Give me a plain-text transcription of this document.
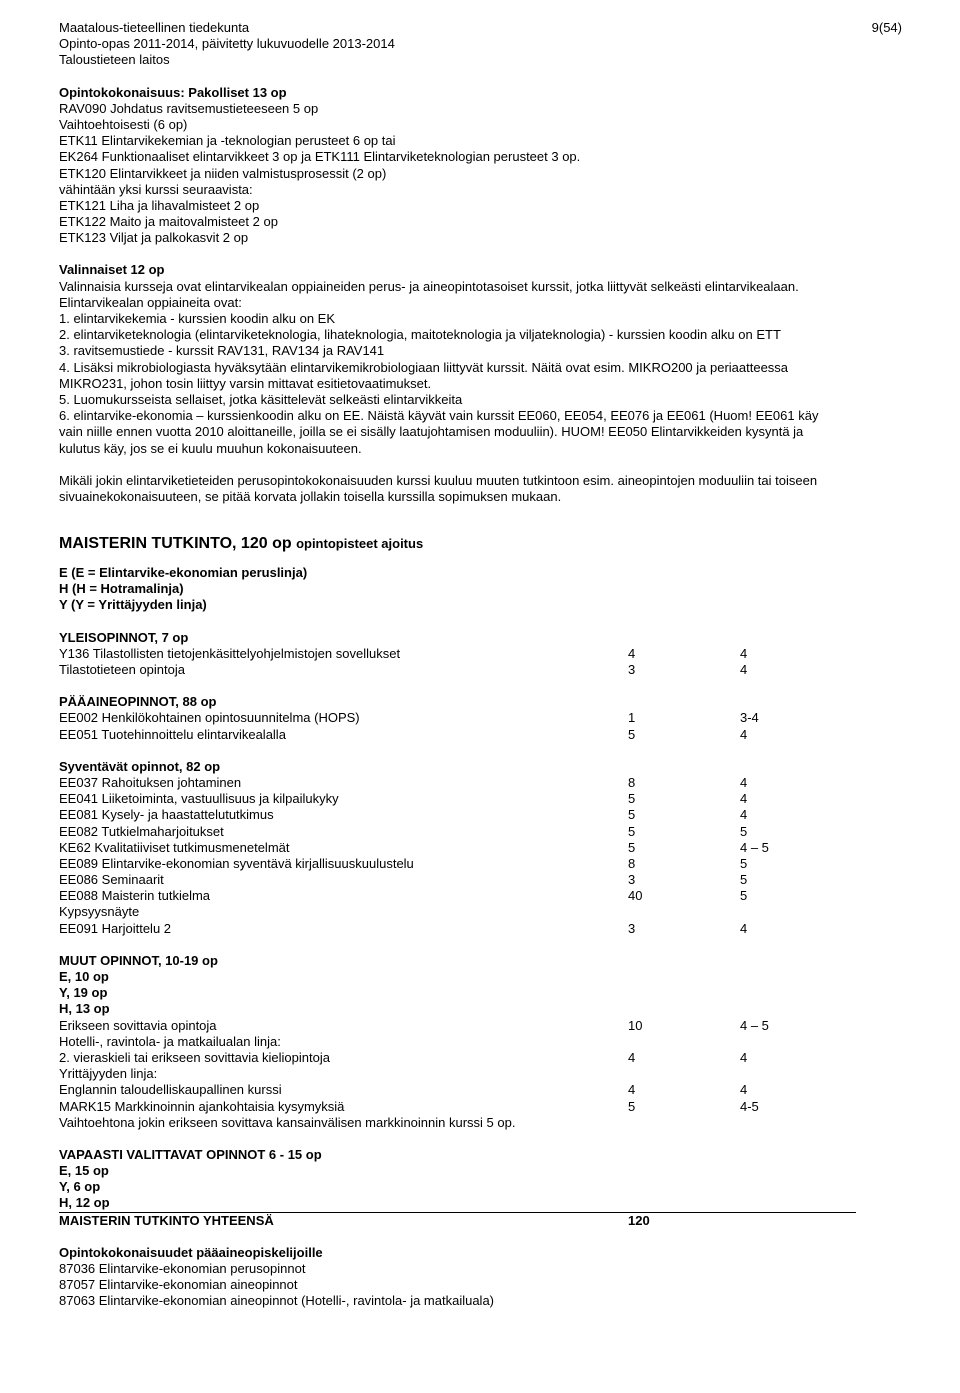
9(54)
Maatalous-tieteellinen tiedekunta
Opinto-opas 2011-2014, päivitetty lukuvuodelle 2013-2014
Taloustieteen laitos
Opintokokonaisuus: Pakolliset 13 op
RAV090 Johdatus ravitsemustieteeseen 5 op
Vaihtoehtoisesti (6 op)
ETK11 Elintarvikekemian ja -teknologian perusteet 6 op tai
EK264 Funktionaaliset elintarvikkeet 3 op ja ETK111 Elintarviketeknologian perusteet 3 op.
ETK120 Elintarvikkeet ja niiden valmistusprosessit (2 op)
vähintään yksi kurssi seuraavista:
ETK121 Liha ja lihavalmisteet 2 op
ETK122 Maito ja maitovalmisteet 2 op
ETK123 Viljat ja palkokasvit 2 op
Valinnaiset 12 op
Valinnaisia kursseja ovat elintarvikealan oppiaineiden perus- ja aineopintotasoiset kurssit, jotka liittyvät selkeästi elintarvikealaan.
Elintarvikealan oppiaineita ovat:
1. elintarvikekemia - kurssien koodin alku on EK
2. elintarviketeknologia (elintarviketeknologia, lihateknologia, maitoteknologia ja viljateknologia) - kurssien koodin alku on ETT
3. ravitsemustiede - kurssit RAV131, RAV134 ja RAV141
4. Lisäksi mikrobiologiasta hyväksytään elintarvikemikrobiologiaan liittyvät kurssit. Näitä ovat esim. MIKRO200 ja periaatteessa
MIKRO231, johon tosin liittyy varsin mittavat esitietovaatimukset.
5. Luomukursseista sellaiset, jotka käsittelevät selkeästi elintarvikkeita
6. elintarvike-ekonomia – kurssienkoodin alku on EE. Näistä käyvät vain kurssit EE060, EE054, EE076 ja EE061 (Huom! EE061 käy
vain niille ennen vuotta 2010 aloittaneille, joilla se ei sisälly laatujohtamisen moduuliin). HUOM! EE050 Elintarvikkeiden kysyntä ja
kulutus käy, jos se ei kuulu muuhun kokonaisuuteen.
Mikäli jokin elintarviketieteiden perusopintokokonaisuuden kurssi kuuluu muuten tutkintoon esim. aineopintojen moduuliin tai toiseen
sivuainekokonaisuuteen, se pitää korvata jollakin toisella kurssilla sopimuksen mukaan.
MAISTERIN TUTKINTO, 120 op opintopisteet ajoitus
E (E = Elintarvike-ekonomian peruslinja)
H (H = Hotramalinja)
Y (Y = Yrittäjyyden linja)
YLEISOPINNOT, 7 op
Y136 Tilastollisten tietojenkäsittelyohjelmistojen sovellukset	4	4
Tilastotieteen opintoja	3	4
PÄÄAINEOPINNOT, 88 op
EE002 Henkilökohtainen opintosuunnitelma (HOPS)	1	3-4
EE051 Tuotehinnoittelu elintarvikealalla	5	4
Syventävät opinnot, 82 op
EE037 Rahoituksen johtaminen	8	4
EE041 Liiketoiminta, vastuullisuus ja kilpailukyky	5	4
EE081 Kysely- ja haastattelututkimus	5	4
EE082 Tutkielmaharjoitukset	5	5
KE62 Kvalitatiiviset tutkimusmenetelmät	5	4 – 5
EE089 Elintarvike-ekonomian syventävä kirjallisuuskuulustelu	8	5
EE086 Seminaarit	3	5
EE088 Maisterin tutkielma	40	5
Kypsyysnäyte
EE091 Harjoittelu 2	3	4
MUUT OPINNOT, 10-19 op
E, 10 op
Y, 19 op
H, 13 op
Erikseen sovittavia opintoja	10	4 – 5
Hotelli-, ravintola- ja matkailualan linja:
2. vieraskieli tai erikseen sovittavia kieliopintoja	4	4
Yrittäjyyden linja:
Englannin taloudelliskaupallinen kurssi	4	4
MARK15 Markkinoinnin ajankohtaisia kysymyksiä	5	4-5
Vaihtoehtona jokin erikseen sovittava kansainvälisen markkinoinnin kurssi 5 op.
VAPAASTI VALITTAVAT OPINNOT 6 - 15 op
E, 15 op
Y, 6 op
H, 12 op
MAISTERIN TUTKINTO YHTEENSÄ	120
Opintokokonaisuudet pääaineopiskelijoille
87036 Elintarvike-ekonomian perusopinnot
87057 Elintarvike-ekonomian aineopinnot
87063 Elintarvike-ekonomian aineopinnot (Hotelli-, ravintola- ja matkailuala)
